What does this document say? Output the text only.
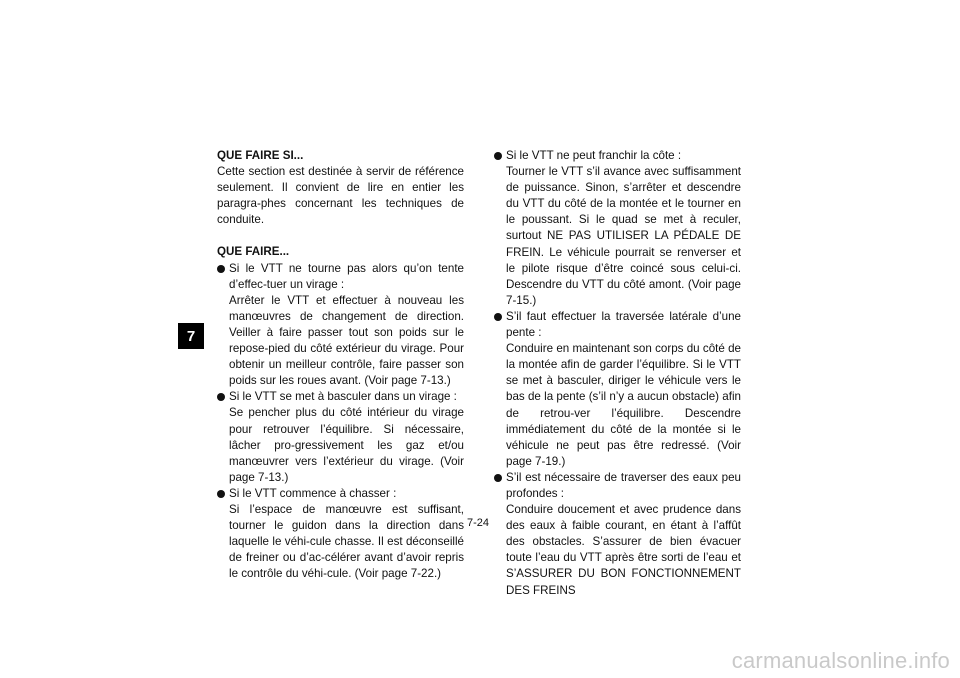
7

QUE FAIRE SI...

Cette section est destinée à servir de référence seulement. Il convient de lire en entier les paragra-phes concernant les techniques de conduite.

QUE FAIRE...

Si le VTT ne tourne pas alors qu’on tente d’effec-tuer un virage :

Arrêter le VTT et effectuer à nouveau les manœuvres de changement de direction. Veiller à faire passer tout son poids sur le repose-pied du côté extérieur du virage. Pour obtenir un meilleur contrôle, faire passer son poids sur les roues avant. (Voir page 7-13.)

Si le VTT se met à basculer dans un virage :

Se pencher plus du côté intérieur du virage pour retrouver l’équilibre. Si nécessaire, lâcher pro-gressivement les gaz et/ou manœuvrer vers l’extérieur du virage. (Voir page 7-13.)

Si le VTT commence à chasser :

Si l’espace de manœuvre est suffisant, tourner le guidon dans la direction dans laquelle le véhi-cule chasse. Il est déconseillé de freiner ou d’ac-célérer avant d’avoir repris le contrôle du véhi-cule. (Voir page 7-22.)

Si le VTT ne peut franchir la côte :

Tourner le VTT s’il avance avec suffisamment de puissance. Sinon, s’arrêter et descendre du VTT du côté de la montée et le tourner en le poussant. Si le quad se met à reculer, surtout NE PAS UTILISER LA PÉDALE DE FREIN. Le véhicule pourrait se renverser et le pilote risque d’être coincé sous celui-ci. Descendre du VTT du côté amont. (Voir page 7-15.)

S’il faut effectuer la traversée latérale d’une pente :

Conduire en maintenant son corps du côté de la montée afin de garder l’équilibre. Si le VTT se met à basculer, diriger le véhicule vers le bas de la pente (s’il n’y a aucun obstacle) afin de retrou-ver l’équilibre. Descendre immédiatement du côté de la montée si le véhicule ne peut pas être redressé. (Voir page 7-19.)

S’il est nécessaire de traverser des eaux peu profondes :

Conduire doucement et avec prudence dans des eaux à faible courant, en étant à l’affût des obstacles. S’assurer de bien évacuer toute l’eau du VTT après être sorti de l’eau et S’ASSURER DU BON FONCTIONNEMENT DES FREINS

7-24
carmanualsonline.info
